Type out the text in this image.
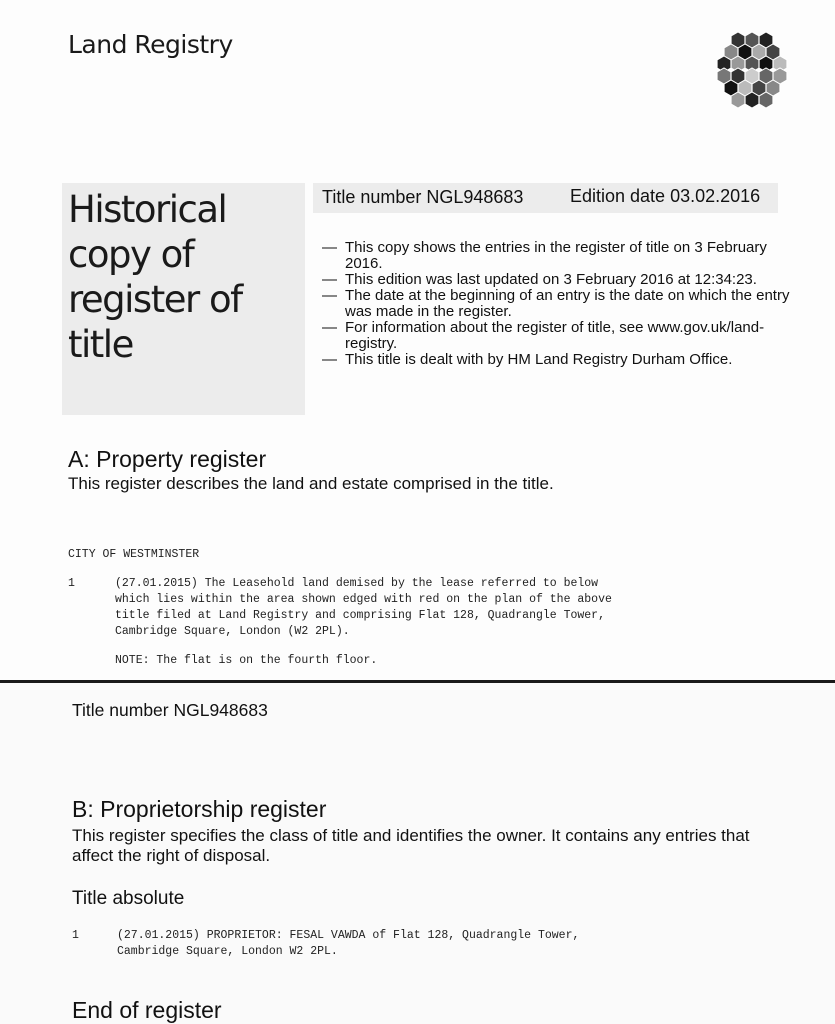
Land Registry
Historical copy of register of title
Title number NGL948683	Edition date 03.02.2016
— This copy shows the entries in the register of title on 3 February 2016.
— This edition was last updated on 3 February 2016 at 12:34:23.
— The date at the beginning of an entry is the date on which the entry was made in the register.
— For information about the register of title, see www.gov.uk/land-registry.
— This title is dealt with by HM Land Registry Durham Office.
A: Property register
This register describes the land and estate comprised in the title.
CITY OF WESTMINSTER
1	(27.01.2015) The Leasehold land demised by the lease referred to below
which lies within the area shown edged with red on the plan of the above
title filed at Land Registry and comprising Flat 128, Quadrangle Tower,
Cambridge Square, London (W2 2PL).
NOTE: The flat is on the fourth floor.
Title number NGL948683
B: Proprietorship register
This register specifies the class of title and identifies the owner. It contains any entries that affect the right of disposal.
Title absolute
1	(27.01.2015) PROPRIETOR: FESAL VAWDA of Flat 128, Quadrangle Tower,
Cambridge Square, London W2 2PL.
End of register
